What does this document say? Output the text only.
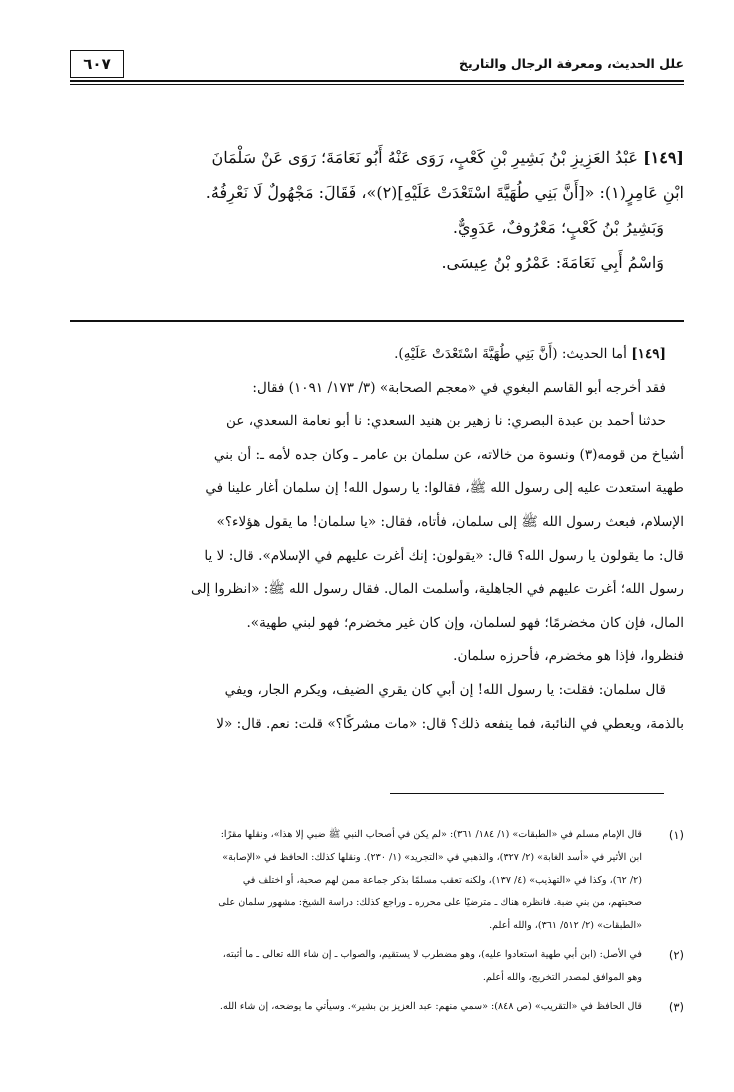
٦٠٧	علل الحديث، ومعرفة الرجال والتاريخ

[١٤٩] عَبْدُ العَزِيزِ بْنُ بَشِيرِ بْنِ كَعْبٍ، رَوَى عَنْهُ أَبُو نَعَامَةَ؛ رَوَى عَنْ سَلْمَانَ

ابْنِ عَامِرٍ(١): «[أَنَّ بَنِي طُهَيَّةَ اسْتَعْدَتْ عَلَيْهِ](٢)»، فَقَالَ: مَجْهُولٌ لَا نَعْرِفُهُ.

وَبَشِيرُ بْنُ كَعْبٍ؛ مَعْرُوفٌ، عَدَوِيٌّ.

وَاسْمُ أَبِي نَعَامَةَ: عَمْرُو بْنُ عِيسَى.

[١٤٩] أما الحديث: (أَنَّ بَنِي طُهَيَّةَ اسْتَعْدَتْ عَلَيْهِ).

فقد أخرجه أبو القاسم البغوي في «معجم الصحابة» (٣/ ١٧٣/ ١٠٩١) فقال:

حدثنا أحمد بن عبدة البصري: نا زهير بن هنيد السعدي: نا أبو نعامة السعدي، عن

أشياخ من قومه(٣) ونسوة من خالاته، عن سلمان بن عامر ـ وكان جده لأمه ـ: أن بني

طهية استعدت عليه إلى رسول الله ﷺ، فقالوا: يا رسول الله! إن سلمان أغار علينا في

الإسلام، فبعث رسول الله ﷺ إلى سلمان، فأتاه، فقال: «يا سلمان! ما يقول هؤلاء؟»

قال: ما يقولون يا رسول الله؟ قال: «يقولون: إنك أغرت عليهم في الإسلام». قال: لا يا

رسول الله؛ أغرت عليهم في الجاهلية، وأسلمت المال. فقال رسول الله ﷺ: «انظروا إلى

المال، فإن كان مخضرمًا؛ فهو لسلمان، وإن كان غير مخضرم؛ فهو لبني طهية».

فنظروا، فإذا هو مخضرم، فأحرزه سلمان.

قال سلمان: فقلت: يا رسول الله! إن أبي كان يقري الضيف، ويكرم الجار، ويفي

بالذمة، ويعطي في النائبة، فما ينفعه ذلك؟ قال: «مات مشركًا؟» قلت: نعم. قال: «لا

(١)
قال الإمام مسلم في «الطبقات» (١/ ١٨٤/ ٣٦١): «لم يكن في أصحاب النبي ﷺ ضبي إلا هذا»، ونقلها مقرًا:
ابن الأثير في «أسد الغابة» (٢/ ٣٢٧)، والذهبي في «التجريد» (١/ ٢٣٠). ونقلها كذلك: الحافظ في «الإصابة»
(٢/ ٦٢)، وكذا في «التهذيب» (٤/ ١٣٧)، ولكنه تعقب مسلمًا بذكر جماعة ممن لهم صحبة، أو اختلف في
صحبتهم، من بني ضبة. فانظره هناك ـ مترضيًا على محرره ـ وراجع كذلك: دراسة الشيخ: مشهور سلمان على
«الطبقات» (٢/ ٥١٢/ ٣٦١)، والله أعلم.
(٢)
في الأصل: (ابن أبي طهية استعادوا عليه)، وهو مضطرب لا يستقيم، والصواب ـ إن شاء الله تعالى ـ ما أثبته،
وهو الموافق لمصدر التخريج، والله أعلم.
(٣)
قال الحافظ في «التقريب» (ص ٨٤٨): «سمي منهم: عبد العزيز بن بشير». وسيأتي ما يوضحه، إن شاء الله.
